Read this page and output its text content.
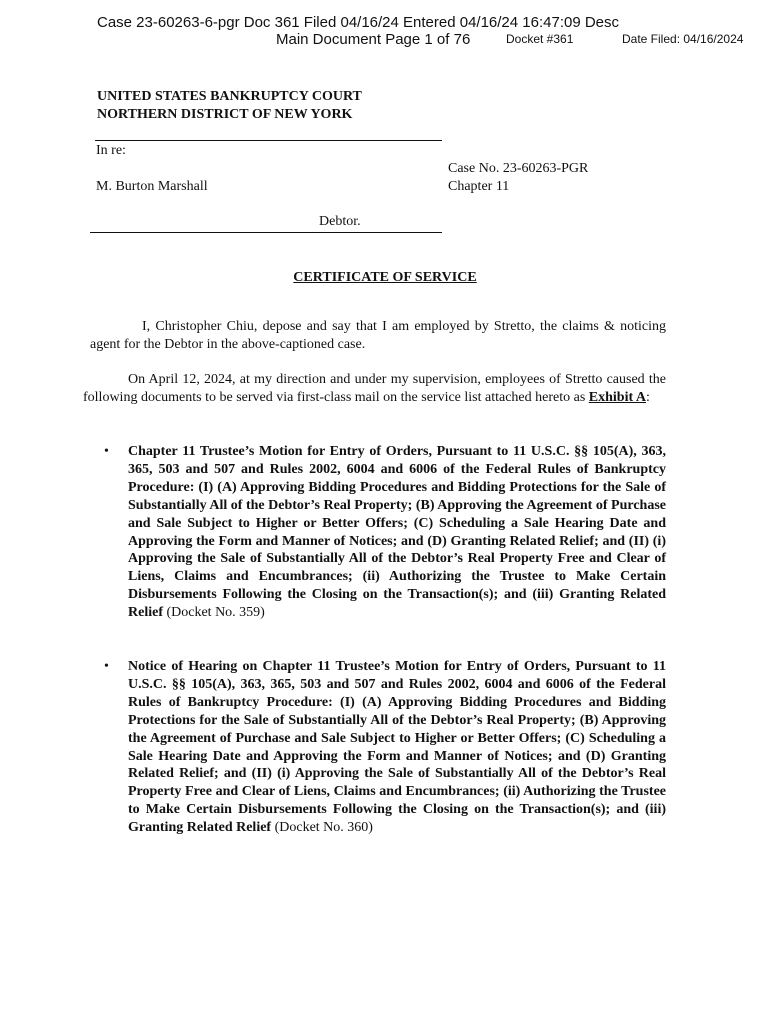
Case 23-60263-6-pgr Doc 361 Filed 04/16/24 Entered 04/16/24 16:47:09 Desc
Main Document Page 1 of 76	Docket #361	Date Filed: 04/16/2024
UNITED STATES BANKRUPTCY COURT
NORTHERN DISTRICT OF NEW YORK
In re:
Case No. 23-60263-PGR
Chapter 11
M. Burton Marshall
Debtor.
CERTIFICATE OF SERVICE
I, Christopher Chiu, depose and say that I am employed by Stretto, the claims & noticing agent for the Debtor in the above-captioned case.
On April 12, 2024, at my direction and under my supervision, employees of Stretto caused the following documents to be served via first-class mail on the service list attached hereto as Exhibit A:
• Chapter 11 Trustee’s Motion for Entry of Orders, Pursuant to 11 U.S.C. §§ 105(A), 363, 365, 503 and 507 and Rules 2002, 6004 and 6006 of the Federal Rules of Bankruptcy Procedure: (I) (A) Approving Bidding Procedures and Bidding Protections for the Sale of Substantially All of the Debtor’s Real Property; (B) Approving the Agreement of Purchase and Sale Subject to Higher or Better Offers; (C) Scheduling a Sale Hearing Date and Approving the Form and Manner of Notices; and (D) Granting Related Relief; and (II) (i) Approving the Sale of Substantially All of the Debtor’s Real Property Free and Clear of Liens, Claims and Encumbrances; (ii) Authorizing the Trustee to Make Certain Disbursements Following the Closing on the Transaction(s); and (iii) Granting Related Relief (Docket No. 359)
• Notice of Hearing on Chapter 11 Trustee’s Motion for Entry of Orders, Pursuant to 11 U.S.C. §§ 105(A), 363, 365, 503 and 507 and Rules 2002, 6004 and 6006 of the Federal Rules of Bankruptcy Procedure: (I) (A) Approving Bidding Procedures and Bidding Protections for the Sale of Substantially All of the Debtor’s Real Property; (B) Approving the Agreement of Purchase and Sale Subject to Higher or Better Offers; (C) Scheduling a Sale Hearing Date and Approving the Form and Manner of Notices; and (D) Granting Related Relief; and (II) (i) Approving the Sale of Substantially All of the Debtor’s Real Property Free and Clear of Liens, Claims and Encumbrances; (ii) Authorizing the Trustee to Make Certain Disbursements Following the Closing on the Transaction(s); and (iii) Granting Related Relief (Docket No. 360)
